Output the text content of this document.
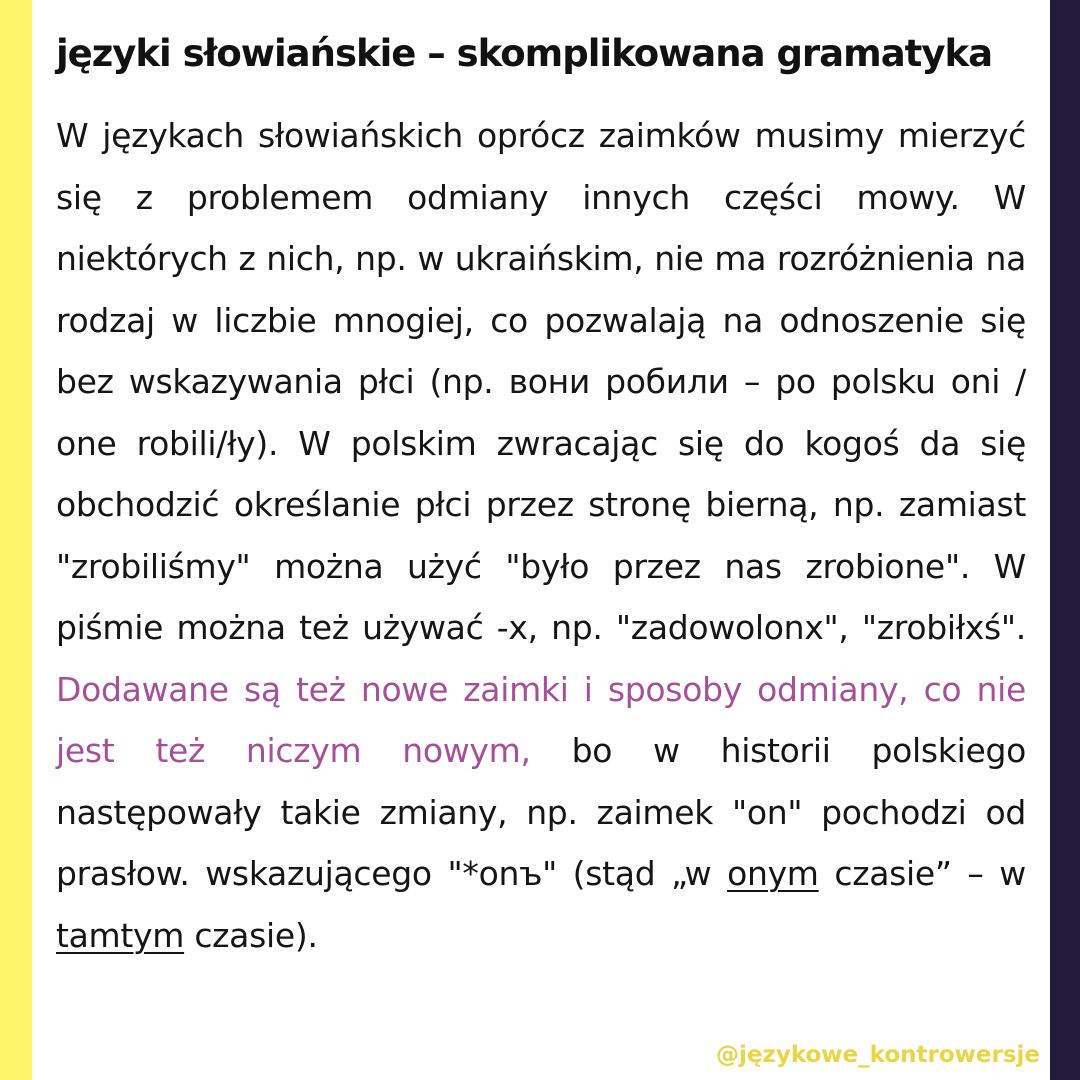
języki słowiańskie – skomplikowana gramatyka

W językach słowiańskich oprócz zaimków musimy mierzyć się z problemem odmiany innych części mowy. W niektórych z nich, np. w ukraińskim, nie ma rozróżnienia na rodzaj w liczbie mnogiej, co pozwalają na odnoszenie się bez wskazywania płci (np. вони робили – po polsku oni / one robili/ły). W polskim zwracając się do kogoś da się obchodzić określanie płci przez stronę bierną, np. zamiast "zrobiliśmy" można użyć "było przez nas zrobione". W piśmie można też używać -x, np. "zadowolonx", "zrobiłxś". Dodawane są też nowe zaimki i sposoby odmiany, co nie jest też niczym nowym, bo w historii polskiego następowały takie zmiany, np. zaimek "on" pochodzi od prasłow. wskazującego "*onъ" (stąd „w onym czasie” – w tamtym czasie).

@językowe_kontrowersje
